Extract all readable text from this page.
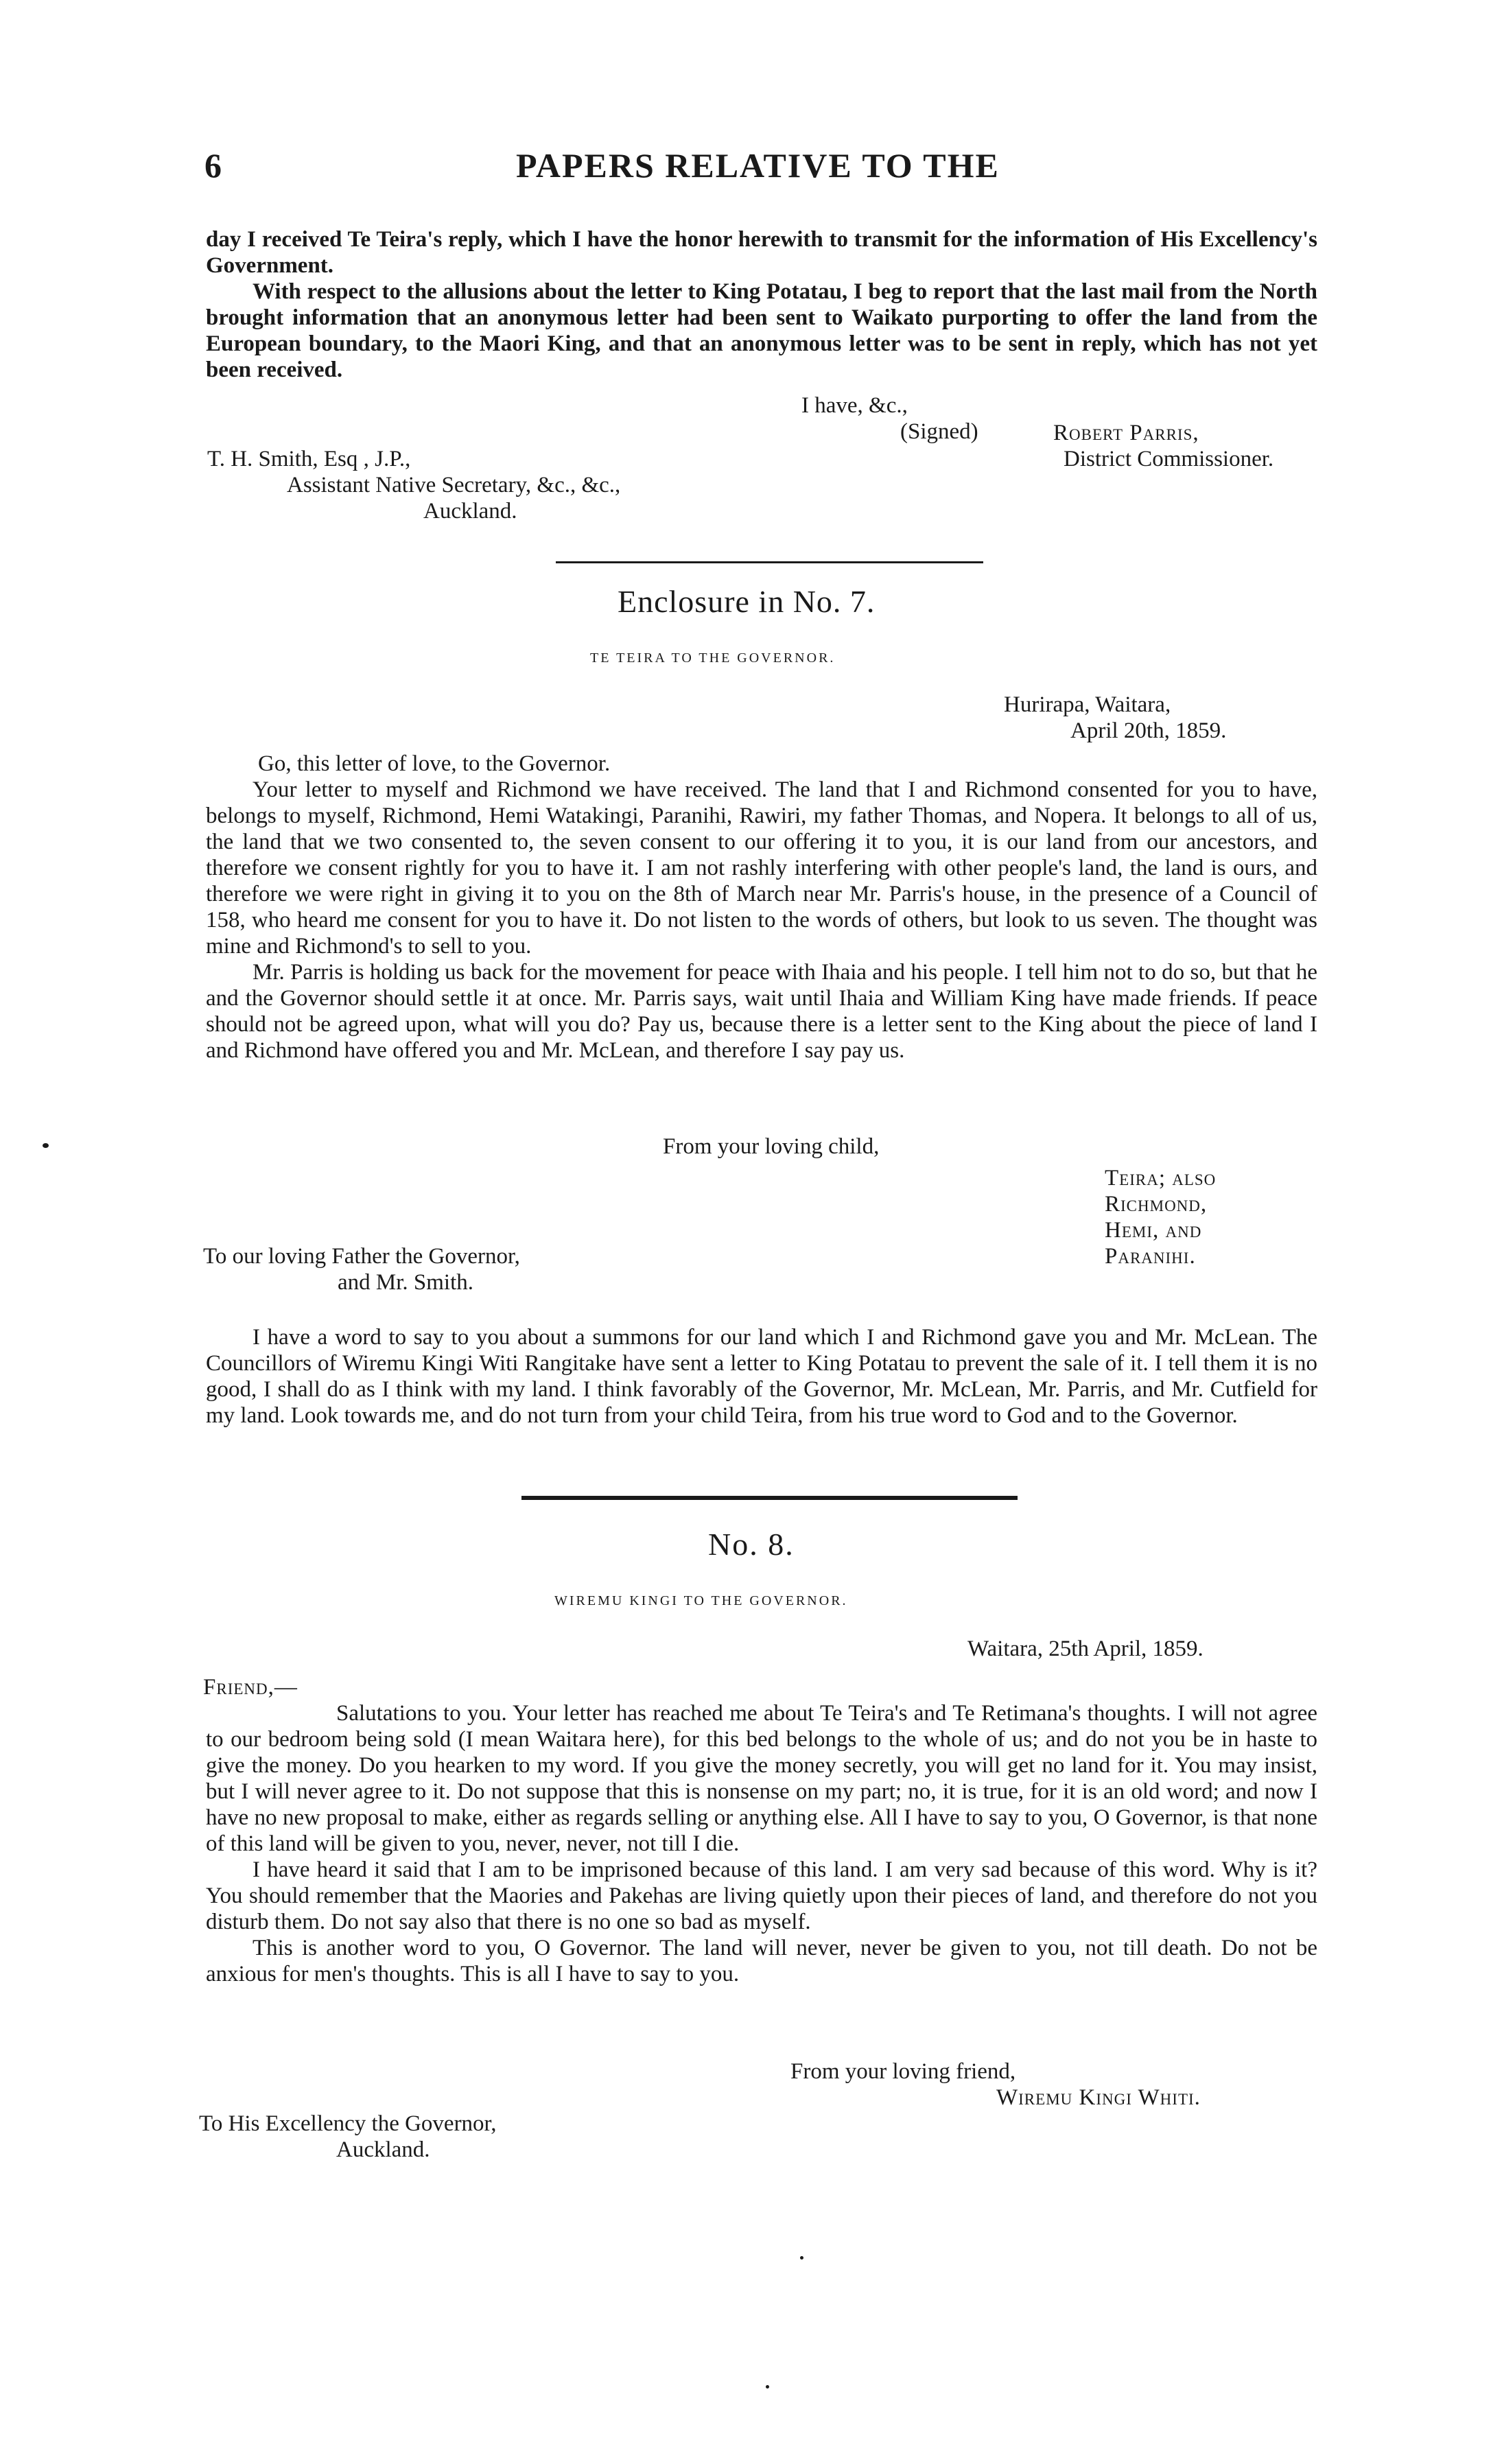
6	PAPERS RELATIVE TO THE

day I received Te Teira's reply, which I have the honor herewith to transmit for the information of His Excellency's Government.

With respect to the allusions about the letter to King Potatau, I beg to report that the last mail from the North brought information that an anonymous letter had been sent to Waikato purporting to offer the land from the European boundary, to the Maori King, and that an anonymous letter was to be sent in reply, which has not yet been received.

I have, &c.,
(Signed)	Robert Parris,
District Commissioner.
T. H. Smith, Esq , J.P.,
Assistant Native Secretary, &c., &c.,
Auckland.
Enclosure in No. 7.
TE TEIRA TO THE GOVERNOR.
Hurirapa, Waitara,
April 20th, 1859.
Go, this letter of love, to the Governor.

Your letter to myself and Richmond we have received. The land that I and Richmond consented for you to have, belongs to myself, Richmond, Hemi Watakingi, Paranihi, Rawiri, my father Thomas, and Nopera. It belongs to all of us, the land that we two consented to, the seven consent to our offering it to you, it is our land from our ancestors, and therefore we consent rightly for you to have it. I am not rashly interfering with other people's land, the land is ours, and therefore we were right in giving it to you on the 8th of March near Mr. Parris's house, in the presence of a Council of 158, who heard me consent for you to have it. Do not listen to the words of others, but look to us seven. The thought was mine and Richmond's to sell to you.

Mr. Parris is holding us back for the movement for peace with Ihaia and his people. I tell him not to do so, but that he and the Governor should settle it at once. Mr. Parris says, wait until Ihaia and William King have made friends. If peace should not be agreed upon, what will you do? Pay us, because there is a letter sent to the King about the piece of land I and Richmond have offered you and Mr. McLean, and therefore I say pay us.

From your loving child,
Teira; also
Richmond,
Hemi, and
Paranihi.
To our loving Father the Governor,
and Mr. Smith.

I have a word to say to you about a summons for our land which I and Richmond gave you and Mr. McLean. The Councillors of Wiremu Kingi Witi Rangitake have sent a letter to King Potatau to prevent the sale of it. I tell them it is no good, I shall do as I think with my land. I think favorably of the Governor, Mr. McLean, Mr. Parris, and Mr. Cutfield for my land. Look towards me, and do not turn from your child Teira, from his true word to God and to the Governor.

No. 8.
WIREMU KINGI TO THE GOVERNOR.
Waitara, 25th April, 1859.
Friend,—

Salutations to you. Your letter has reached me about Te Teira's and Te Retimana's thoughts. I will not agree to our bedroom being sold (I mean Waitara here), for this bed belongs to the whole of us; and do not you be in haste to give the money. Do you hearken to my word. If you give the money secretly, you will get no land for it. You may insist, but I will never agree to it. Do not suppose that this is nonsense on my part; no, it is true, for it is an old word; and now I have no new proposal to make, either as regards selling or anything else. All I have to say to you, O Governor, is that none of this land will be given to you, never, never, not till I die.

I have heard it said that I am to be imprisoned because of this land. I am very sad because of this word. Why is it? You should remember that the Maories and Pakehas are living quietly upon their pieces of land, and therefore do not you disturb them. Do not say also that there is no one so bad as myself.

This is another word to you, O Governor. The land will never, never be given to you, not till death. Do not be anxious for men's thoughts. This is all I have to say to you.

From your loving friend,
Wiremu Kingi Whiti.
To His Excellency the Governor,
Auckland.
